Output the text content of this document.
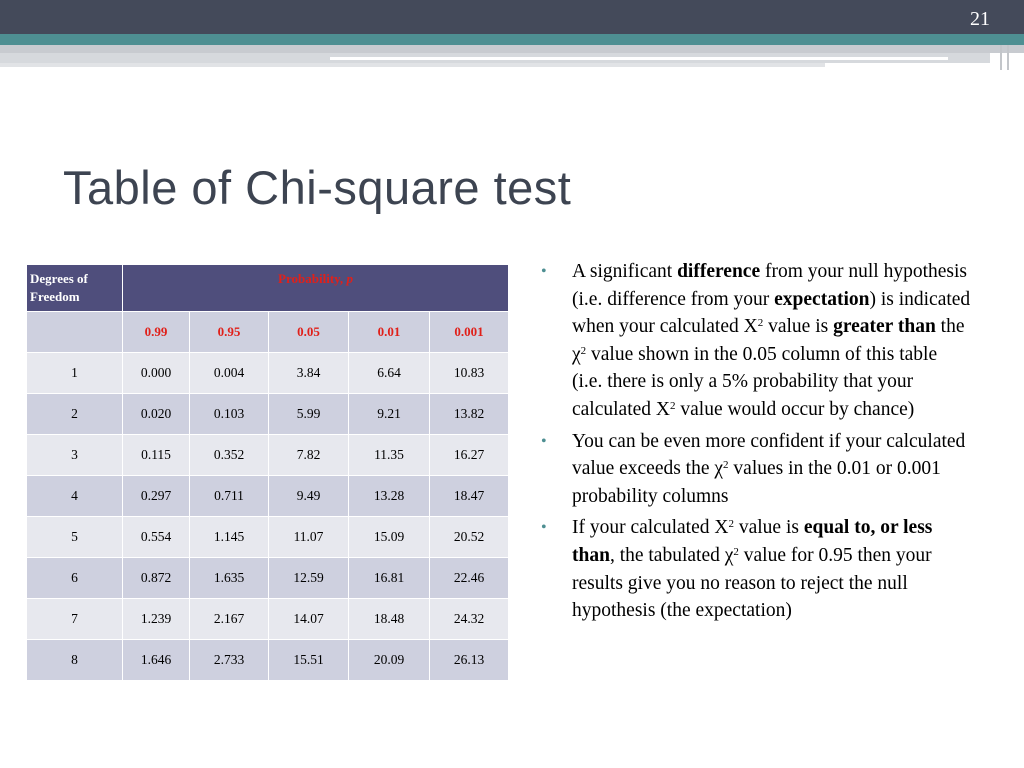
21
Table of Chi-square test
Degrees of Freedom	Probability, p				
	0.99	0.95	0.05	0.01	0.001
1	0.000	0.004	3.84	6.64	10.83
2	0.020	0.103	5.99	9.21	13.82
3	0.115	0.352	7.82	11.35	16.27
4	0.297	0.711	9.49	13.28	18.47
5	0.554	1.145	11.07	15.09	20.52
6	0.872	1.635	12.59	16.81	22.46
7	1.239	2.167	14.07	18.48	24.32
8	1.646	2.733	15.51	20.09	26.13
• A significant difference from your null hypothesis (i.e. difference from your expectation) is indicated when your calculated $X^2$ value is greater than the $\chi^2$ value shown in the 0.05 column of this table (i.e. there is only a 5% probability that your calculated $X^2$ value would occur by chance)
• You can be even more confident if your calculated value exceeds the $\chi^2$ values in the 0.01 or 0.001 probability columns
• If your calculated $X^2$ value is equal to, or less than, the tabulated $\chi^2$ value for 0.95 then your results give you no reason to reject the null hypothesis (the expectation)
